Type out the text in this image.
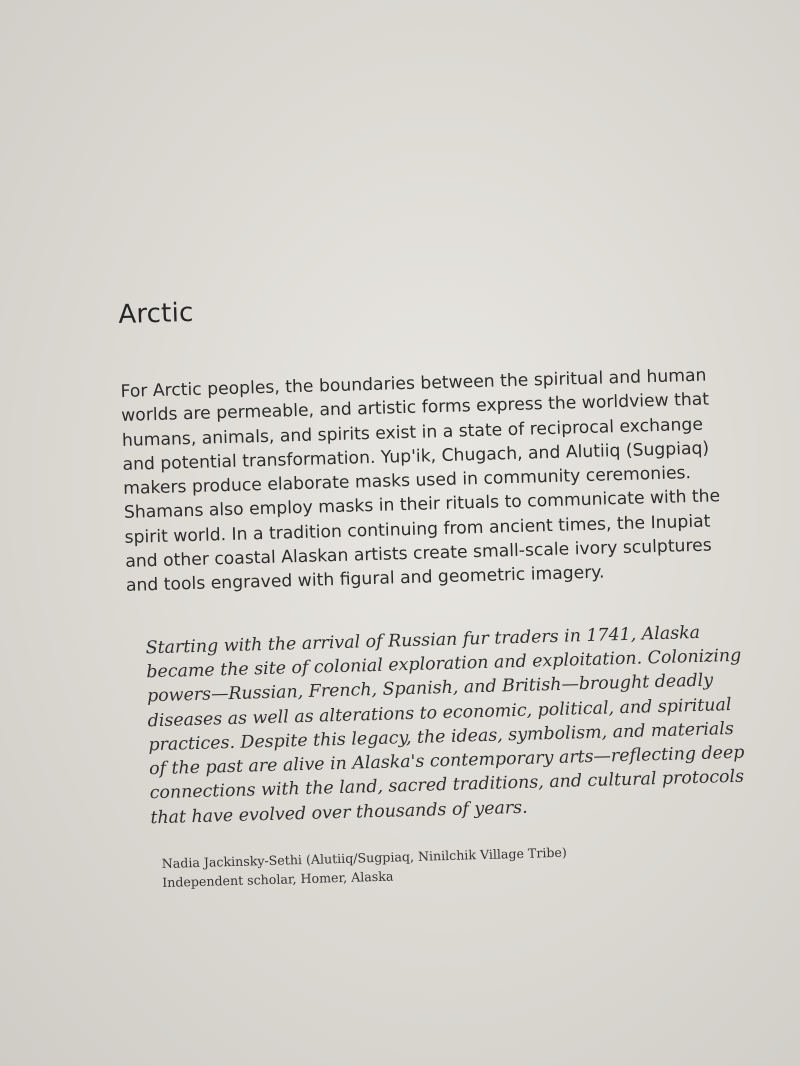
Arctic

For Arctic peoples, the boundaries between the spiritual and human worlds are permeable, and artistic forms express the worldview that humans, animals, and spirits exist in a state of reciprocal exchange and potential transformation. Yup'ik, Chugach, and Alutiiq (Sugpiaq) makers produce elaborate masks used in community ceremonies. Shamans also employ masks in their rituals to communicate with the spirit world. In a tradition continuing from ancient times, the Inupiat and other coastal Alaskan artists create small-scale ivory sculptures and tools engraved with figural and geometric imagery.

Starting with the arrival of Russian fur traders in 1741, Alaska became the site of colonial exploration and exploitation. Colonizing powers—Russian, French, Spanish, and British—brought deadly diseases as well as alterations to economic, political, and spiritual practices. Despite this legacy, the ideas, symbolism, and materials of the past are alive in Alaska's contemporary arts—reflecting deep connections with the land, sacred traditions, and cultural protocols that have evolved over thousands of years.

Nadia Jackinsky-Sethi (Alutiiq/Sugpiaq, Ninilchik Village Tribe)
Independent scholar, Homer, Alaska
